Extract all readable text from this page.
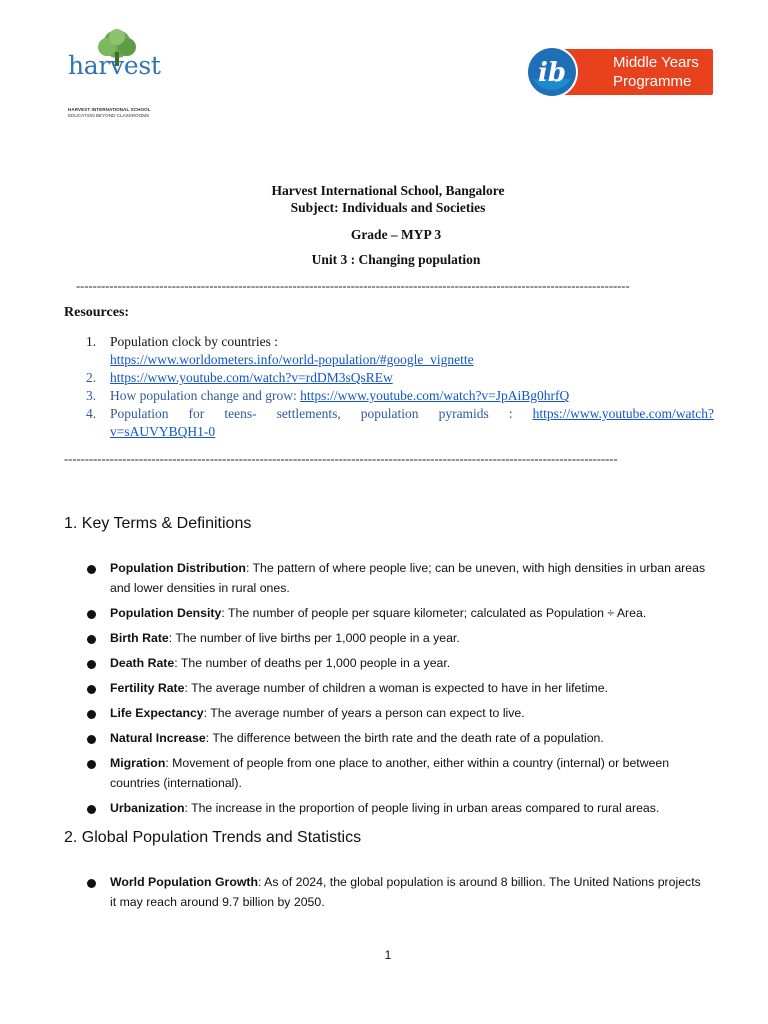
harvest
HARVEST INTERNATIONAL SCHOOL
EDUCATION BEYOND CLASSROOMS
Middle Years
Programme
ib
Harvest International School, Bangalore
Subject: Individuals and Societies
Grade – MYP 3
Unit 3 : Changing population
-------------------------------------------------------------------------------------------------------------------------------------
Resources:
1. Population clock by countries :
https://www.worldometers.info/world-population/#google_vignette
2. https://www.youtube.com/watch?v=rdDM3sQsREw
3. How population change and grow: https://www.youtube.com/watch?v=JpAiBg0hrfQ
4. Population for teens- settlements, population pyramids : https://www.youtube.com/watch?
v=sAUVYBQH1-0
-------------------------------------------------------------------------------------------------------------------------------------
1. Key Terms & Definitions
Population Distribution: The pattern of where people live; can be uneven, with high densities in urban areas and lower densities in rural ones.
Population Density: The number of people per square kilometer; calculated as Population ÷ Area.
Birth Rate: The number of live births per 1,000 people in a year.
Death Rate: The number of deaths per 1,000 people in a year.
Fertility Rate: The average number of children a woman is expected to have in her lifetime.
Life Expectancy: The average number of years a person can expect to live.
Natural Increase: The difference between the birth rate and the death rate of a population.
Migration: Movement of people from one place to another, either within a country (internal) or between countries (international).
Urbanization: The increase in the proportion of people living in urban areas compared to rural areas.
2. Global Population Trends and Statistics
World Population Growth: As of 2024, the global population is around 8 billion. The United Nations projects it may reach around 9.7 billion by 2050.
1
